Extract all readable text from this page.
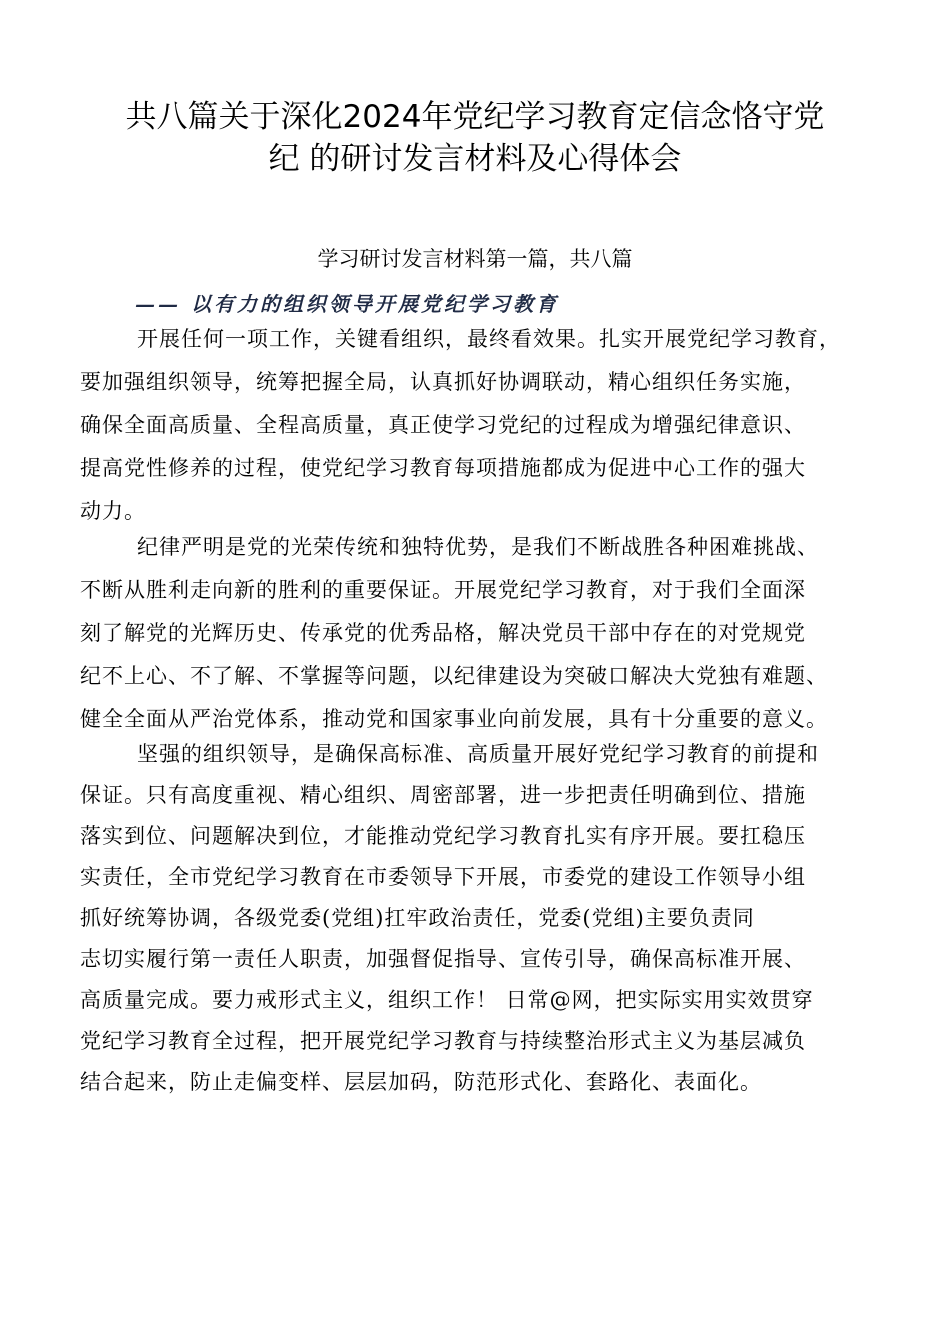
共八篇关于深化2024年党纪学习教育定信念恪守党
纪 的研讨发言材料及心得体会
学习研讨发言材料第一篇，共八篇
—— 以有力的组织领导开展党纪学习教育
开展任何一项工作，关键看组织，最终看效果。扎实开展党纪学习教育，
要加强组织领导，统筹把握全局，认真抓好协调联动，精心组织任务实施，
确保全面高质量、全程高质量，真正使学习党纪的过程成为增强纪律意识、
提高党性修养的过程，使党纪学习教育每项措施都成为促进中心工作的强大
动力。
纪律严明是党的光荣传统和独特优势，是我们不断战胜各种困难挑战、
不断从胜利走向新的胜利的重要保证。开展党纪学习教育，对于我们全面深
刻了解党的光辉历史、传承党的优秀品格，解决党员干部中存在的对党规党
纪不上心、不了解、不掌握等问题，以纪律建设为突破口解决大党独有难题、
健全全面从严治党体系，推动党和国家事业向前发展，具有十分重要的意义。
坚强的组织领导，是确保高标准、高质量开展好党纪学习教育的前提和
保证。只有高度重视、精心组织、周密部署，进一步把责任明确到位、措施
落实到位、问题解决到位，才能推动党纪学习教育扎实有序开展。要扛稳压
实责任，全市党纪学习教育在市委领导下开展，市委党的建设工作领导小组
抓好统筹协调，各级党委(党组)扛牢政治责任，党委(党组)主要负责同
志切实履行第一责任人职责，加强督促指导、宣传引导，确保高标准开展、
高质量完成。要力戒形式主义，组织工作！ 日常@网，把实际实用实效贯穿
党纪学习教育全过程，把开展党纪学习教育与持续整治形式主义为基层减负
结合起来，防止走偏变样、层层加码，防范形式化、套路化、表面化。
